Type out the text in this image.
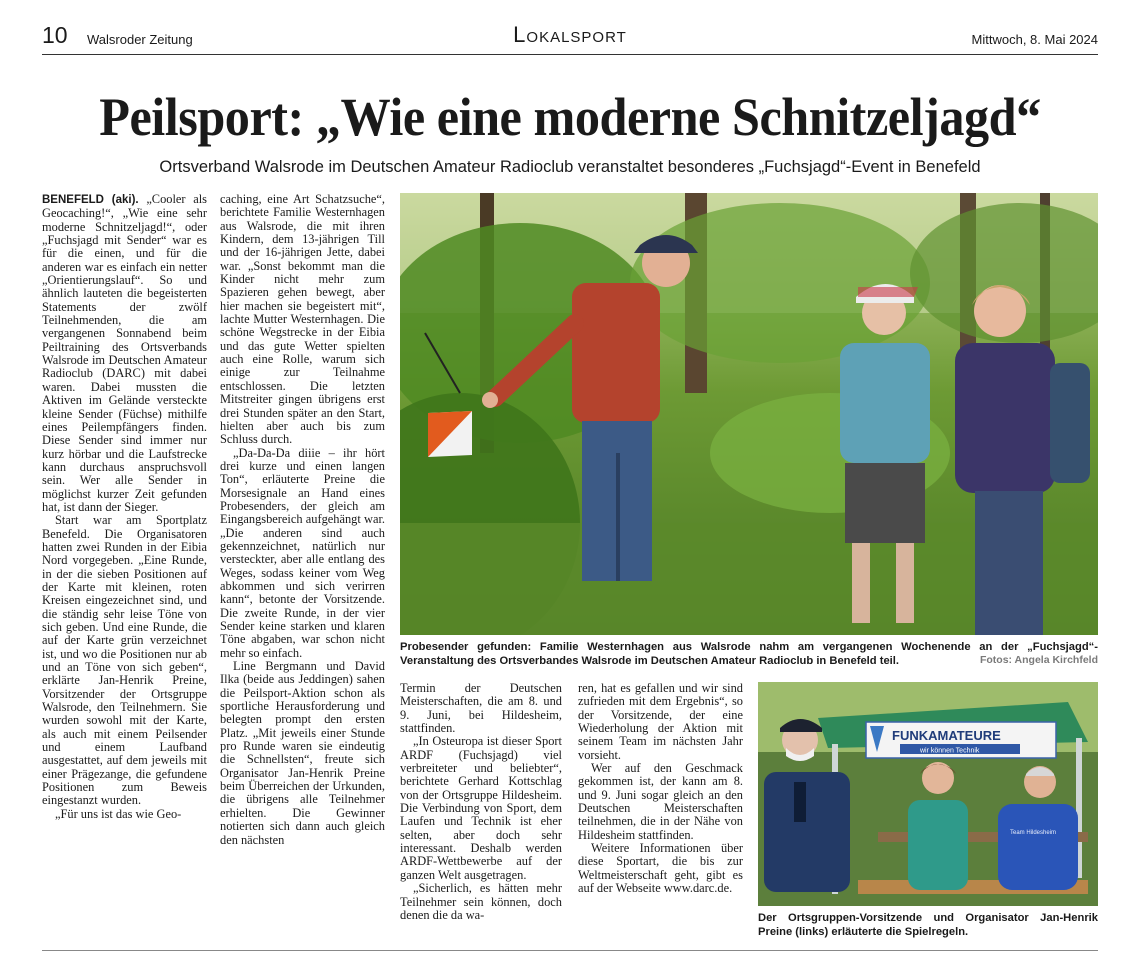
10 Walsroder Zeitung	Lokalsport	Mittwoch, 8. Mai 2024
Peilsport: „Wie eine moderne Schnitzeljagd“
Ortsverband Walsrode im Deutschen Amateur Radioclub veranstaltet besonderes „Fuchsjagd“-Event in Benefeld

BENEFELD (aki). „Cooler als Geocaching!“, „Wie eine sehr moderne Schnitzeljagd!“, oder „Fuchsjagd mit Sender“ war es für die einen, und für die anderen war es einfach ein netter „Orientierungslauf“. So und ähnlich lauteten die begeisterten Statements der zwölf Teilnehmenden, die am vergangenen Sonnabend beim Peiltraining des Ortsverbands Walsrode im Deutschen Amateur Radioclub (DARC) mit dabei waren. Dabei mussten die Aktiven im Gelände versteckte kleine Sender (Füchse) mithilfe eines Peilempfängers finden. Diese Sender sind immer nur kurz hörbar und die Laufstrecke kann durchaus anspruchsvoll sein. Wer alle Sender in möglichst kurzer Zeit gefunden hat, ist dann der Sieger.

Start war am Sportplatz Benefeld. Die Organisatoren hatten zwei Runden in der Eibia Nord vorgegeben. „Eine Runde, in der die sieben Positionen auf der Karte mit kleinen, roten Kreisen eingezeichnet sind, und die ständig sehr leise Töne von sich geben. Und eine Runde, die auf der Karte grün verzeichnet ist, und wo die Positionen nur ab und an Töne von sich geben“, erklärte Jan-Henrik Preine, Vorsitzender der Ortsgruppe Walsrode, den Teilnehmern. Sie wurden sowohl mit der Karte, als auch mit einem Peilsender und einem Laufband ausgestattet, auf dem jeweils mit einer Prägezange, die gefundene Positionen zum Beweis eingestanzt wurden.

„Für uns ist das wie Geo-

caching, eine Art Schatzsuche“, berichtete Familie Westernhagen aus Walsrode, die mit ihren Kindern, dem 13-jährigen Till und der 16-jährigen Jette, dabei war. „Sonst bekommt man die Kinder nicht mehr zum Spazieren gehen bewegt, aber hier machen sie begeistert mit“, lachte Mutter Westernhagen. Die schöne Wegstrecke in der Eibia und das gute Wetter spielten auch eine Rolle, warum sich einige zur Teilnahme entschlossen. Die letzten Mitstreiter gingen übrigens erst drei Stunden später an den Start, hielten aber auch bis zum Schluss durch.

„Da-Da-Da diiie – ihr hört drei kurze und einen langen Ton“, erläuterte Preine die Morsesignale an Hand eines Probesenders, der gleich am Eingangsbereich aufgehängt war. „Die anderen sind auch gekennzeichnet, natürlich nur versteckter, aber alle entlang des Weges, sodass keiner vom Weg abkommen und sich verirren kann“, betonte der Vorsitzende. Die zweite Runde, in der vier Sender keine starken und klaren Töne abgaben, war schon nicht mehr so einfach.

Line Bergmann und David Ilka (beide aus Jeddingen) sahen die Peilsport-Aktion schon als sportliche Herausforderung und belegten prompt den ersten Platz. „Mit jeweils einer Stunde pro Runde waren sie eindeutig die Schnellsten“, freute sich Organisator Jan-Henrik Preine beim Überreichen der Urkunden, die übrigens alle Teilnehmer erhielten. Die Gewinner notierten sich dann auch gleich den nächsten

Probesender gefunden: Familie Westernhagen aus Walsrode nahm am vergangenen Wochenende an der „Fuchsjagd“-Veranstaltung des Ortsverbandes Walsrode im Deutschen Amateur Radioclub in Benefeld teil.	Fotos: Angela Kirchfeld

Termin der Deutschen Meisterschaften, die am 8. und 9. Juni, bei Hildesheim, stattfinden.

„In Osteuropa ist dieser Sport ARDF (Fuchsjagd) viel verbreiteter und beliebter“, berichtete Gerhard Kottschlag von der Ortsgruppe Hildesheim. Die Verbindung von Sport, dem Laufen und Technik ist eher selten, aber doch sehr interessant. Deshalb werden ARDF-Wettbewerbe auf der ganzen Welt ausgetragen.

„Sicherlich, es hätten mehr Teilnehmer sein können, doch denen die da wa-

ren, hat es gefallen und wir sind zufrieden mit dem Ergebnis“, so der Vorsitzende, der eine Wiederholung der Aktion mit seinem Team im nächsten Jahr vorsieht.

Wer auf den Geschmack gekommen ist, der kann am 8. und 9. Juni sogar gleich an den Deutschen Meisterschaften teilnehmen, die in der Nähe von Hildesheim stattfinden.

Weitere Informationen über diese Sportart, die bis zur Weltmeisterschaft geht, gibt es auf der Webseite www.darc.de.

FUNKAMATEURE
wir können Technik
Team Hildesheim
Der Ortsgruppen-Vorsitzende und Organisator Jan-Henrik Preine (links) erläuterte die Spielregeln.
